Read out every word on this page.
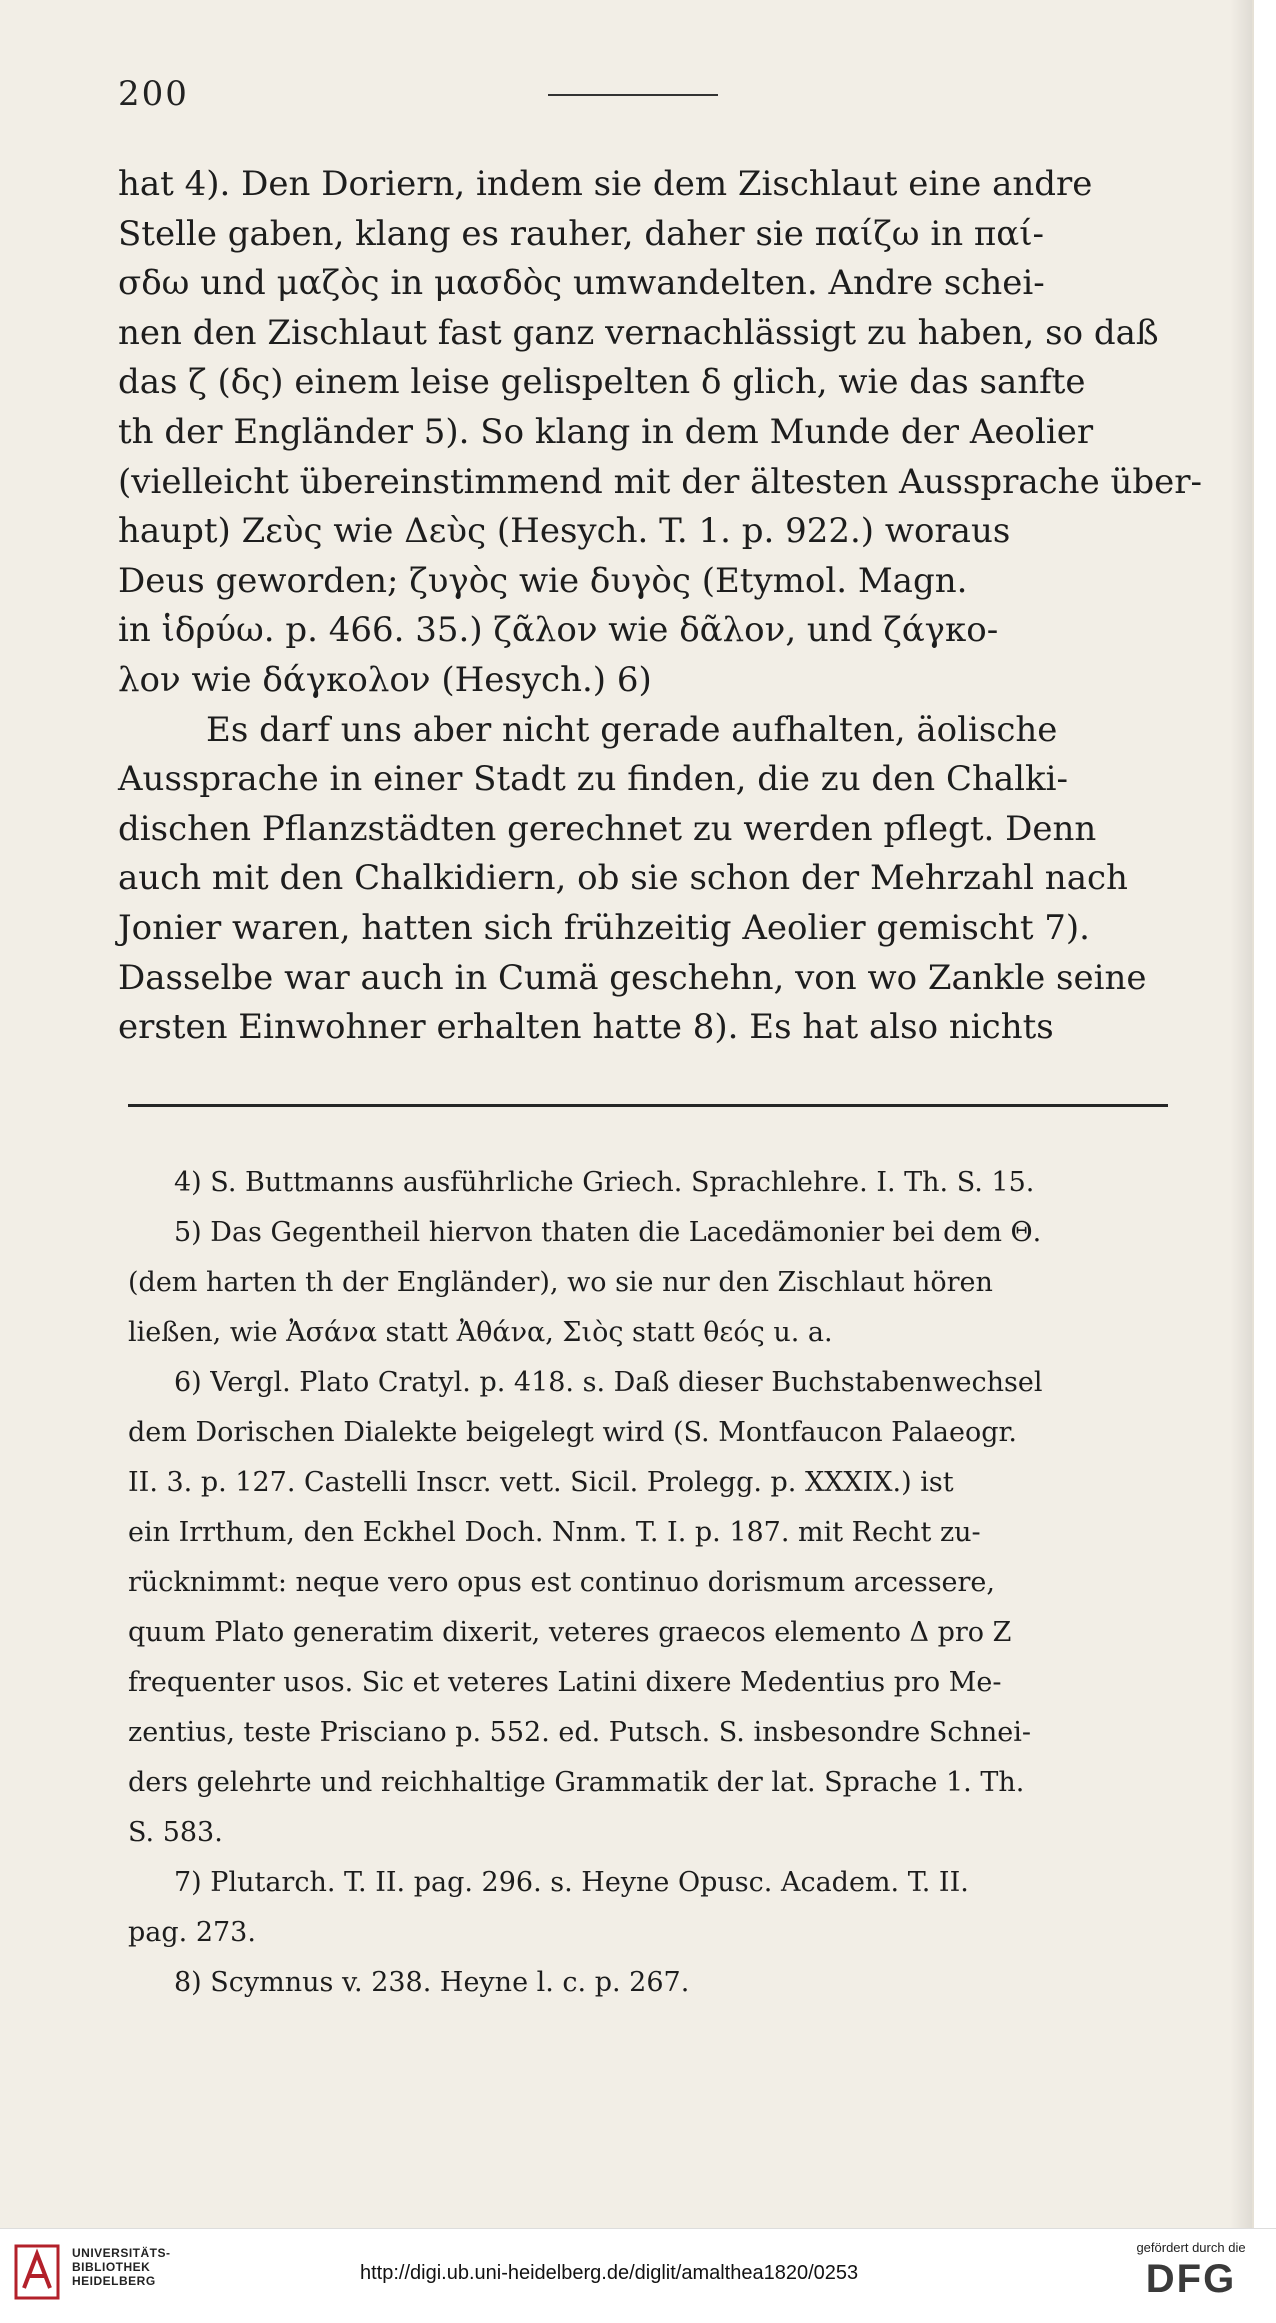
200

hat 4). Den Doriern, indem sie dem Zischlaut eine andre
Stelle gaben, klang es rauher, daher sie παίζω in παί-
σδω und μαζὸς in μασδὸς umwandelten. Andre schei-
nen den Zischlaut fast ganz vernachlässigt zu haben, so daß
das ζ (δς) einem leise gelispelten δ glich, wie das sanfte
th der Engländer 5). So klang in dem Munde der Aeolier
(vielleicht übereinstimmend mit der ältesten Aussprache über-
haupt) Ζεὺς wie Δεὺς (Hesych. T. 1. p. 922.) woraus
Deus geworden; ζυγὸς wie δυγὸς (Etymol. Magn.
in ἱδρύω. p. 466. 35.) ζᾶλον wie δᾶλον, und ζάγκο-
λον wie δάγκολον (Hesych.) 6)

Es darf uns aber nicht gerade aufhalten, äolische
Aussprache in einer Stadt zu finden, die zu den Chalki-
dischen Pflanzstädten gerechnet zu werden pflegt. Denn
auch mit den Chalkidiern, ob sie schon der Mehrzahl nach
Jonier waren, hatten sich frühzeitig Aeolier gemischt 7).
Dasselbe war auch in Cumä geschehn, von wo Zankle seine
ersten Einwohner erhalten hatte 8). Es hat also nichts

4) S. Buttmanns ausführliche Griech. Sprachlehre. I. Th. S. 15.
5) Das Gegentheil hiervon thaten die Lacedämonier bei dem Θ.
(dem harten th der Engländer), wo sie nur den Zischlaut hören
ließen, wie Ἀσάνα statt Ἀθάνα, Σιὸς statt θεός u. a.
6) Vergl. Plato Cratyl. p. 418. s. Daß dieser Buchstabenwechsel
dem Dorischen Dialekte beigelegt wird (S. Montfaucon Palaeogr.
II. 3. p. 127. Castelli Inscr. vett. Sicil. Prolegg. p. XXXIX.) ist
ein Irrthum, den Eckhel Doch. Nnm. T. I. p. 187. mit Recht zu-
rücknimmt: neque vero opus est continuo dorismum arcessere,
quum Plato generatim dixerit, veteres graecos elemento Δ pro Z
frequenter usos. Sic et veteres Latini dixere Medentius pro Me-
zentius, teste Prisciano p. 552. ed. Putsch. S. insbesondre Schnei-
ders gelehrte und reichhaltige Grammatik der lat. Sprache 1. Th.
S. 583.
7) Plutarch. T. II. pag. 296. s. Heyne Opusc. Academ. T. II.
pag. 273.
8) Scymnus v. 238. Heyne l. c. p. 267.
UNIVERSITÄTS-
BIBLIOTHEK
HEIDELBERG	http://digi.ub.uni-heidelberg.de/diglit/amalthea1820/0253
gefördert durch die
DFG
